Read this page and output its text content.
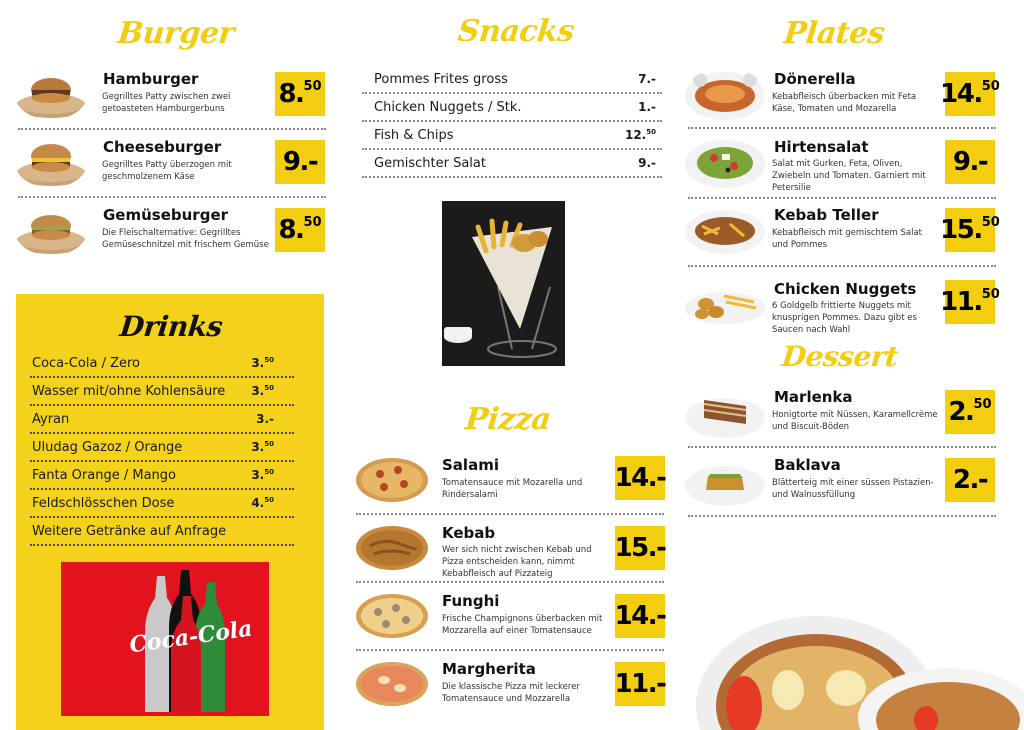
Burger
Hamburger
Gegrilltes Patty zwischen zwei getoasteten Hamburgerbuns	8. 50
Cheeseburger
Gegrilltes Patty überzogen mit geschmolzenem Käse	9.-
Gemüseburger
Die Fleischalternative: Gegrilltes Gemüseschnitzel mit frischem Gemüse 8. 50
Drinks
Coca-Cola / Zero	3.50
Wasser mit/ohne Kohlensäure 3.50
Ayran	3.-
Uludag Gazoz / Orange	3.50
Fanta Orange / Mango	3.50
Feldschlösschen Dose	4.50
Weitere Getränke auf Anfrage
Coca-Cola
Snacks
Pommes Frites gross	7.-
Chicken Nuggets / Stk.	1.-
Fish & Chips	12.50
Gemischter Salat	9.-
Pizza
Salami
Tomatensauce mit Mozarella und Rindersalami
14.-
Kebab
Wer sich nicht zwischen Kebab und Pizza entscheiden kann, nimmt Kebabfleisch auf Pizzateig
15.-
Funghi
Frische Champignons überbacken mit Mozzarella auf einer Tomatensauce 14.-
Margherita
Die klassische Pizza mit leckerer Tomatensauce und Mozzarella	11.-
Plates
Dönerella
Kebabfleisch überbacken mit Feta Käse, Tomaten und Mozarella	14. 50
Hirtensalat
Salat mit Gurken, Feta, Oliven, Zwiebeln und Tomaten. Garniert mit Petersilie
9.-
Kebab Teller
Kebabfleisch mit gemischtem Salat und Pommes	15. 50
Chicken Nuggets
6 Goldgelb frittierte Nuggets mit knusprigen Pommes. Dazu gibt es Saucen nach Wahl
11. 50
Dessert
Marlenka
Honigtorte mit Nüssen, Karamellcrème und Biscuit-Böden	2. 50
Baklava
Blätterteig mit einer süssen Pistazien- und Walnussfüllung	2.-
